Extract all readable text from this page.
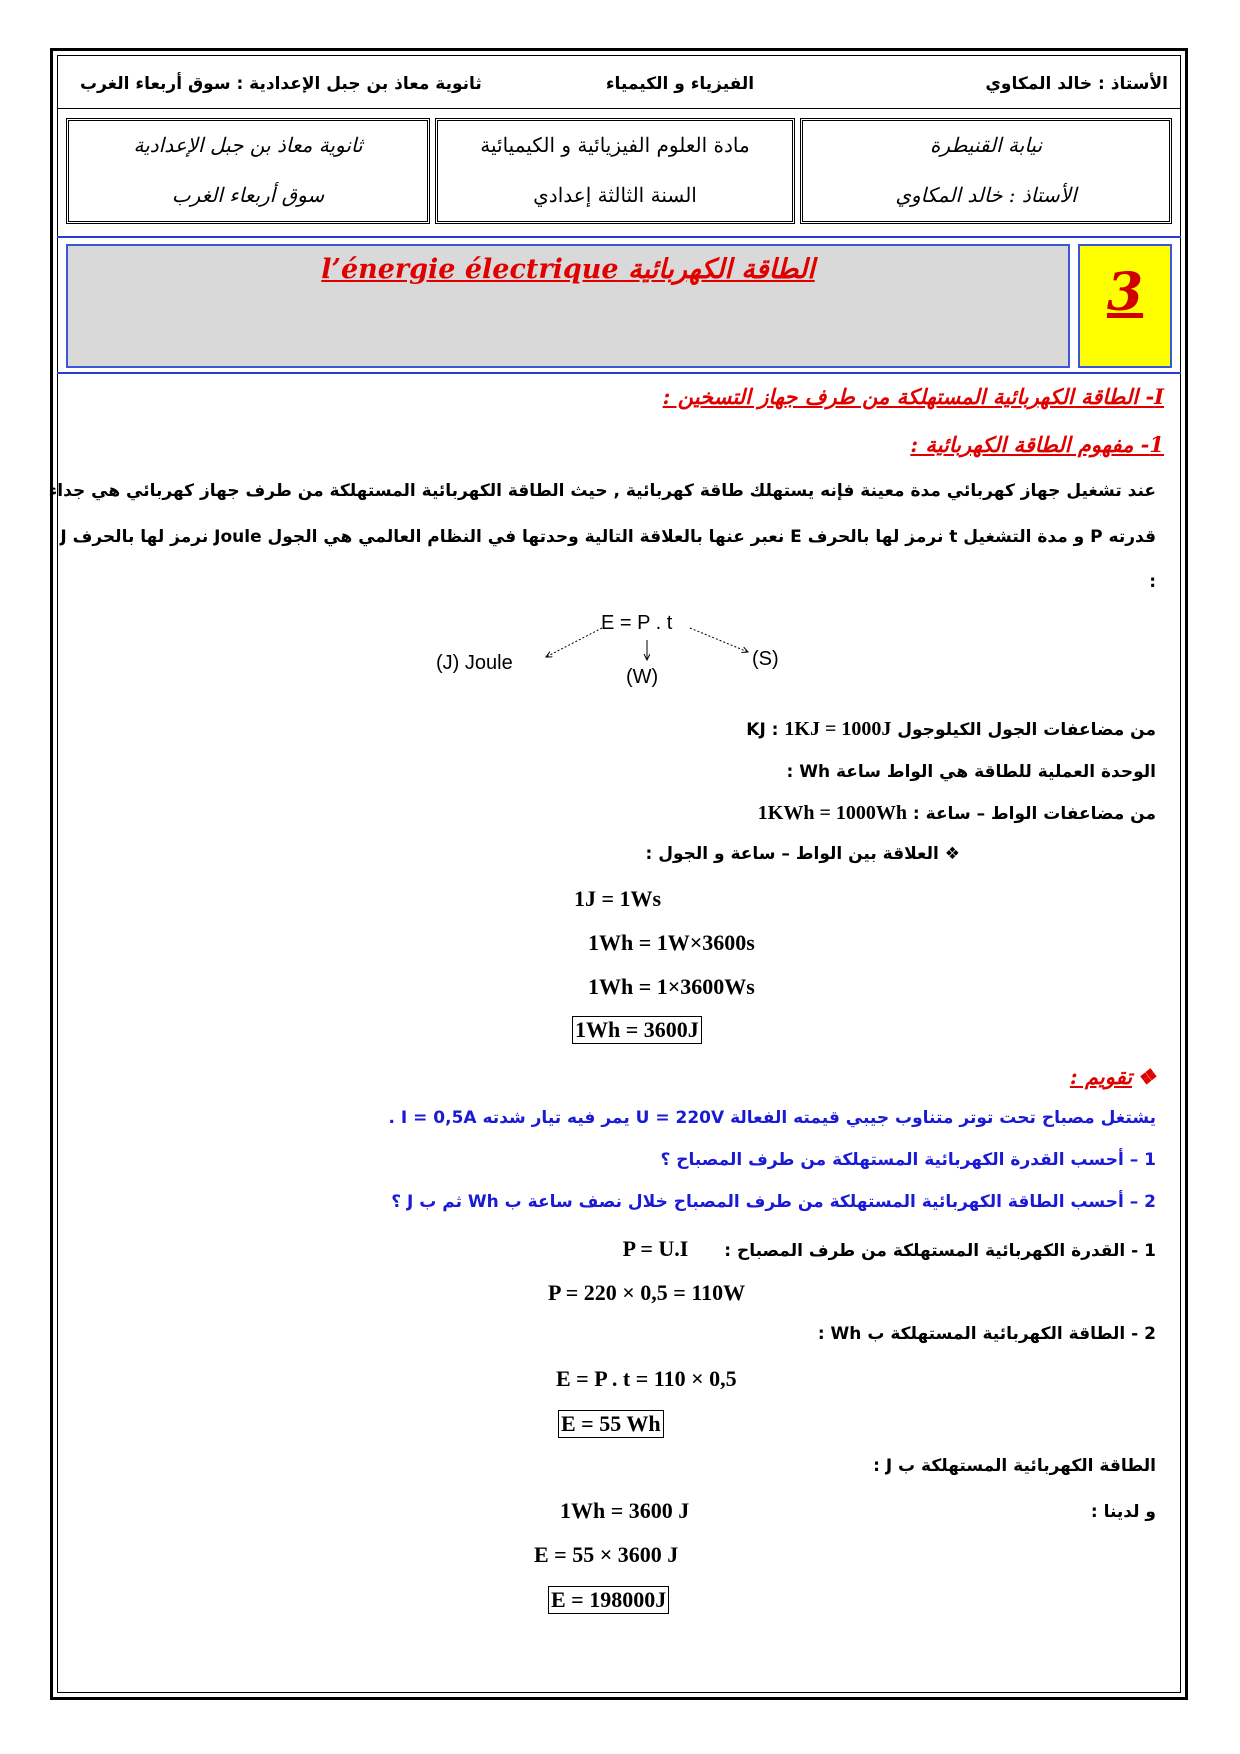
الأستاذ : خالد المكاوي
الفيزياء و الكيمياء
ثانوية معاذ بن جبل الإعدادية : سوق أربعاء الغرب
نيابة القنيطرة
الأستاذ : خالد المكاوي
مادة العلوم الفيزيائية و الكيميائية
السنة الثالثة إعدادي
ثانوية معاذ بن جبل الإعدادية
سوق أربعاء الغرب
l’énergie électrique الطاقة الكهربائية	3
I- الطاقة الكهربائية المستهلكة من طرف جهاز التسخين :
1- مفهوم الطاقة الكهربائية :
عند تشغيل جهاز كهربائي مدة معينة فإنه يستهلك طاقة كهربائية , حيث الطاقة الكهربائية المستهلكة من طرف جهاز كهربائي هي جداء
قدرته P و مدة التشغيل t نرمز لها بالحرف E نعبر عنها بالعلاقة التالية وحدتها في النظام العالمي هي الجول Joule نرمز لها بالحرف J
:
E = P . t
(J) Joule
(W)
(S)
من مضاعفات الجول الكيلوجول KJ : 1KJ = 1000J
الوحدة العملية للطاقة هي الواط ساعة Wh :
من مضاعفات الواط – ساعة : 1KWh = 1000Wh
❖ العلاقة بين الواط – ساعة و الجول :
1J = 1Ws
1Wh = 1W×3600s
1Wh = 1×3600Ws
1Wh = 3600J
❖ تقويم :
يشتغل مصباح تحت توتر متناوب جيبي قيمته الفعالة U = 220V يمر فيه تيار شدته I = 0,5A .
1 – أحسب القدرة الكهربائية المستهلكة من طرف المصباح ؟
2 – أحسب الطاقة الكهربائية المستهلكة من طرف المصباح خلال نصف ساعة ب Wh ثم ب J ؟
1 - القدرة الكهربائية المستهلكة من طرف المصباح : P = U.I
P = 220 × 0,5 = 110W
2 - الطاقة الكهربائية المستهلكة ب Wh :
E = P . t = 110 × 0,5
E = 55 Wh
الطاقة الكهربائية المستهلكة ب J :
و لدينا :
1Wh = 3600 J
E = 55 × 3600 J
E = 198000J
